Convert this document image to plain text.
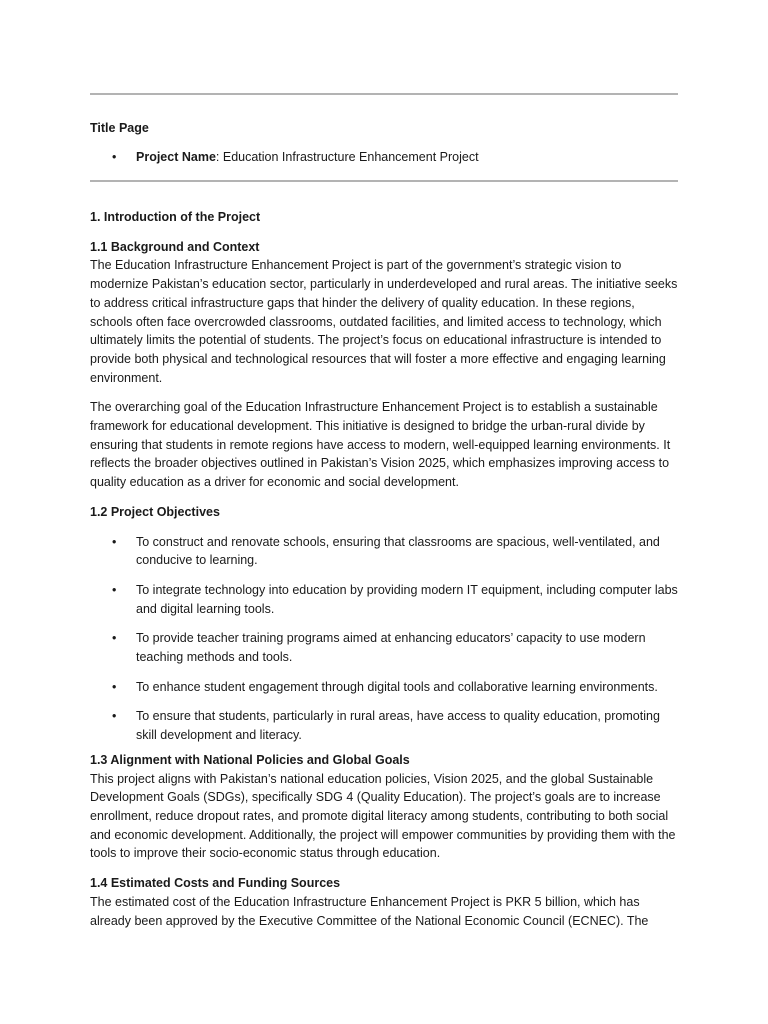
Title Page
• Project Name: Education Infrastructure Enhancement Project

1. Introduction of the Project

1.1 Background and Context

The Education Infrastructure Enhancement Project is part of the government’s strategic vision to modernize Pakistan’s education sector, particularly in underdeveloped and rural areas. The initiative seeks to address critical infrastructure gaps that hinder the delivery of quality education. In these regions, schools often face overcrowded classrooms, outdated facilities, and limited access to technology, which ultimately limits the potential of students. The project’s focus on educational infrastructure is intended to provide both physical and technological resources that will foster a more effective and engaging learning environment.

The overarching goal of the Education Infrastructure Enhancement Project is to establish a sustainable framework for educational development. This initiative is designed to bridge the urban-rural divide by ensuring that students in remote regions have access to modern, well-equipped learning environments. It reflects the broader objectives outlined in Pakistan’s Vision 2025, which emphasizes improving access to quality education as a driver for economic and social development.

1.2 Project Objectives

• To construct and renovate schools, ensuring that classrooms are spacious, well-ventilated, and conducive to learning.
• To integrate technology into education by providing modern IT equipment, including computer labs and digital learning tools.
• To provide teacher training programs aimed at enhancing educators’ capacity to use modern teaching methods and tools.
• To enhance student engagement through digital tools and collaborative learning environments.
• To ensure that students, particularly in rural areas, have access to quality education, promoting skill development and literacy.

1.3 Alignment with National Policies and Global Goals

This project aligns with Pakistan’s national education policies, Vision 2025, and the global Sustainable Development Goals (SDGs), specifically SDG 4 (Quality Education). The project’s goals are to increase enrollment, reduce dropout rates, and promote digital literacy among students, contributing to both social and economic development. Additionally, the project will empower communities by providing them with the tools to improve their socio-economic status through education.

1.4 Estimated Costs and Funding Sources

The estimated cost of the Education Infrastructure Enhancement Project is PKR 5 billion, which has already been approved by the Executive Committee of the National Economic Council (ECNEC). The
